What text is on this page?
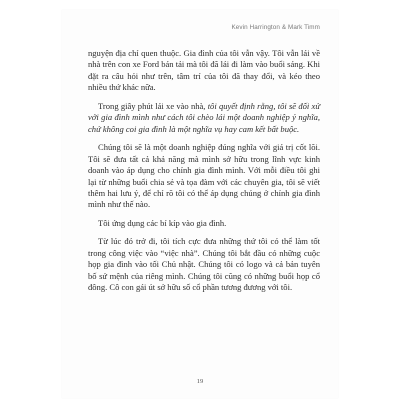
Kevin Harrington & Mark Timm

nguyện địa chỉ quen thuộc. Gia đình của tôi vẫn vậy. Tôi vẫn lái về nhà trên con xe Ford bán tải mà tôi đã lái đi làm vào buổi sáng. Khi đặt ra câu hỏi như trên, tâm trí của tôi đã thay đổi, và kéo theo nhiều thứ khác nữa.

Trong giây phút lái xe vào nhà, tôi quyết định rằng, tôi sẽ đối xử với gia đình mình như cách tôi chèo lái một doanh nghiệp ý nghĩa, chứ không coi gia đình là một nghĩa vụ hay cam kết bất buộc.

Chúng tôi sẽ là một doanh nghiệp đúng nghĩa với giá trị cốt lõi. Tôi sẽ đưa tất cả khả năng mà mình sở hữu trong lĩnh vực kinh doanh vào áp dụng cho chính gia đình mình. Với mỗi điều tôi ghi lại từ những buổi chia sẻ và tọa đàm với các chuyên gia, tôi sẽ viết thêm hai lưu ý, để chỉ rõ tôi có thể áp dụng chúng ở chính gia đình mình như thế nào.

Tôi ứng dụng các bí kíp vào gia đình.

Từ lúc đó trở đi, tôi tích cực đưa những thứ tôi có thể làm tốt trong công việc vào “việc nhà”. Chúng tôi bắt đầu có những cuộc họp gia đình vào tối Chủ nhật. Chúng tôi có logo và cả bản tuyên bố sứ mệnh của riêng mình. Chúng tôi cũng có những buổi họp cổ đông. Cô con gái út sở hữu số cổ phần tương đương với tôi.

19
